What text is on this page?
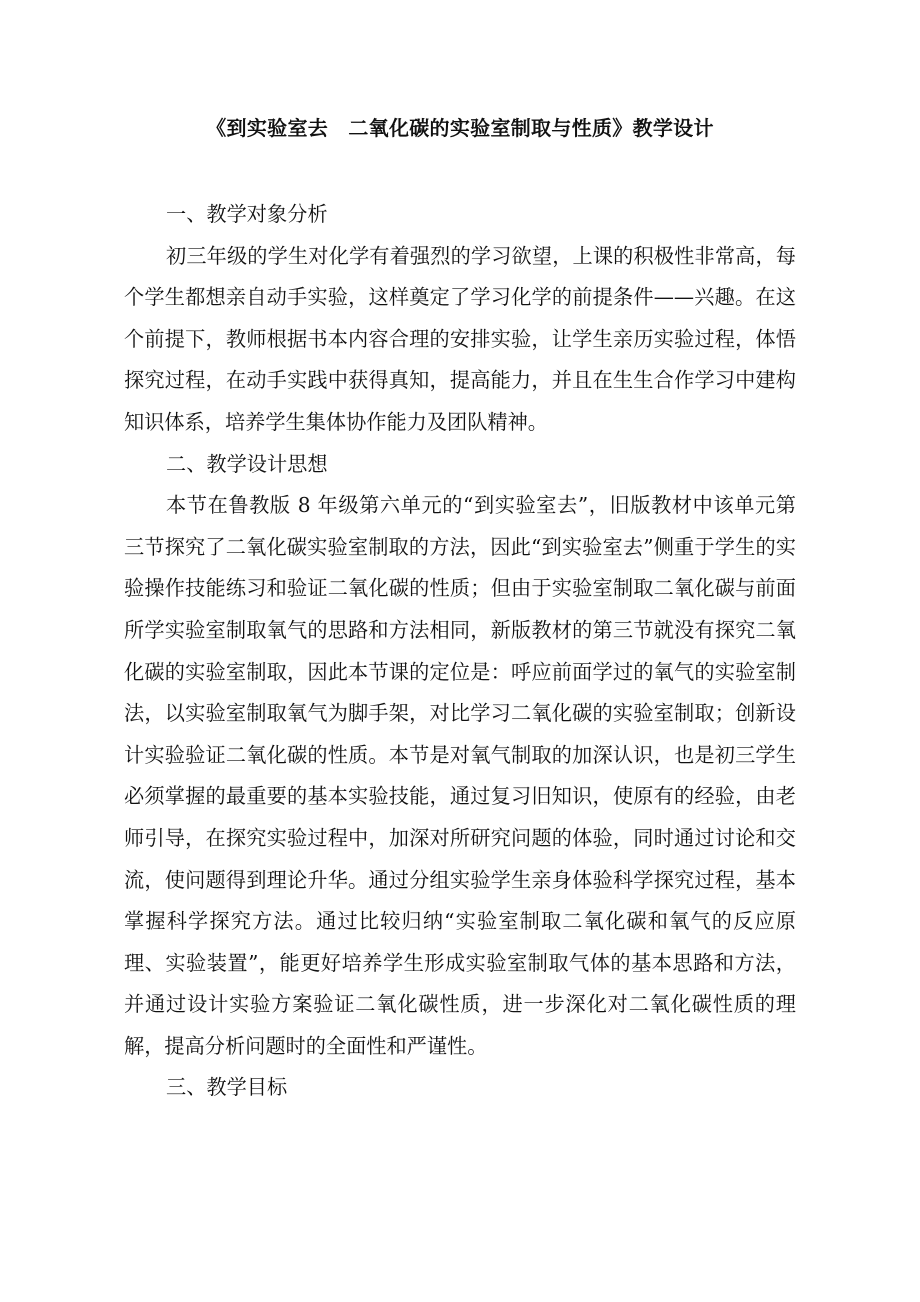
《到实验室去　二氧化碳的实验室制取与性质》教学设计

一、教学对象分析

初三年级的学生对化学有着强烈的学习欲望，上课的积极性非常高，每个学生都想亲自动手实验，这样奠定了学习化学的前提条件——兴趣。在这个前提下，教师根据书本内容合理的安排实验，让学生亲历实验过程，体悟探究过程，在动手实践中获得真知，提高能力，并且在生生合作学习中建构知识体系，培养学生集体协作能力及团队精神。

二、教学设计思想

本节在鲁教版 8 年级第六单元的“到实验室去”，旧版教材中该单元第三节探究了二氧化碳实验室制取的方法，因此“到实验室去”侧重于学生的实验操作技能练习和验证二氧化碳的性质；但由于实验室制取二氧化碳与前面所学实验室制取氧气的思路和方法相同，新版教材的第三节就没有探究二氧化碳的实验室制取，因此本节课的定位是：呼应前面学过的氧气的实验室制法，以实验室制取氧气为脚手架，对比学习二氧化碳的实验室制取；创新设计实验验证二氧化碳的性质。本节是对氧气制取的加深认识，也是初三学生必须掌握的最重要的基本实验技能，通过复习旧知识，使原有的经验，由老师引导，在探究实验过程中，加深对所研究问题的体验，同时通过讨论和交流，使问题得到理论升华。通过分组实验学生亲身体验科学探究过程，基本掌握科学探究方法。通过比较归纳“实验室制取二氧化碳和氧气的反应原理、实验装置”，能更好培养学生形成实验室制取气体的基本思路和方法，并通过设计实验方案验证二氧化碳性质，进一步深化对二氧化碳性质的理解，提高分析问题时的全面性和严谨性。

三、教学目标
